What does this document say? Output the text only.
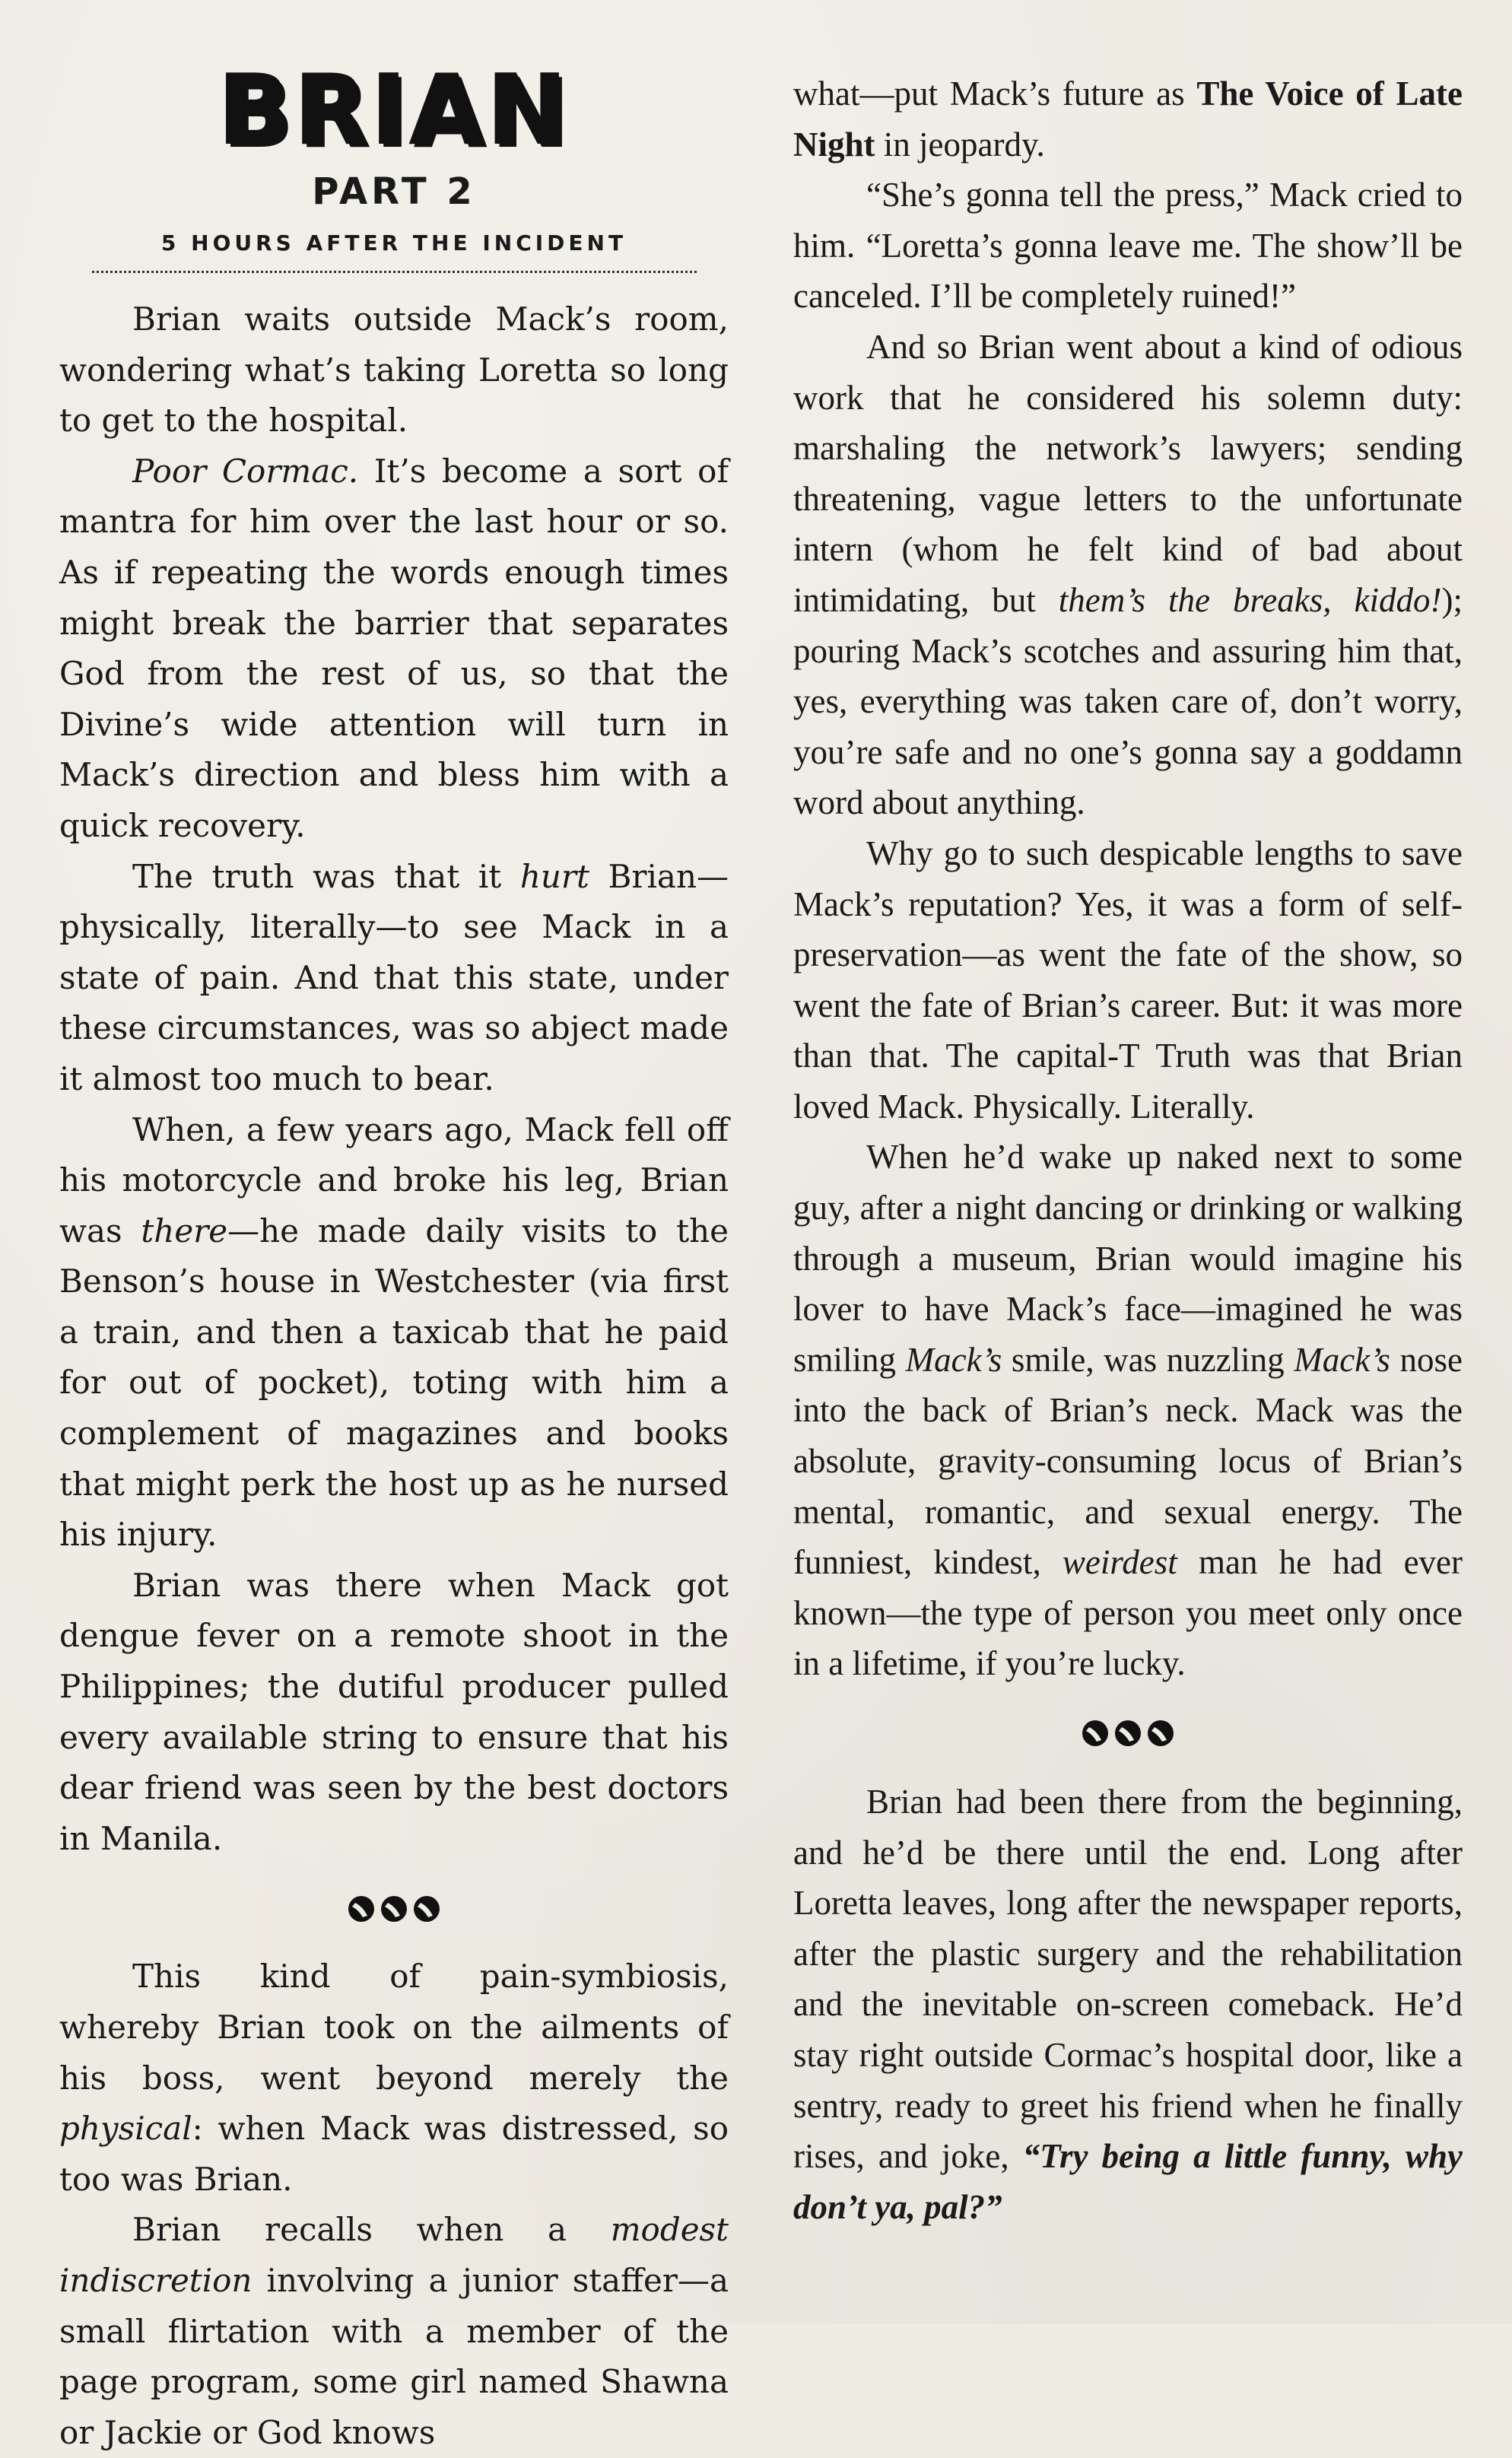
BRIAN
PART 2
5 HOURS AFTER THE INCIDENT

Brian waits outside Mack’s room, wondering what’s taking Loretta so long to get to the hospital.

Poor Cormac. It’s become a sort of mantra for him over the last hour or so. As if repeating the words enough times might break the barrier that separates God from the rest of us, so that the Divine’s wide attention will turn in Mack’s direction and bless him with a quick recovery.

The truth was that it hurt Brian—physically, literally—to see Mack in a state of pain. And that this state, under these circumstances, was so abject made it almost too much to bear.

When, a few years ago, Mack fell off his motorcycle and broke his leg, Brian was there—he made daily visits to the Benson’s house in Westchester (via first a train, and then a taxicab that he paid for out of pocket), toting with him a complement of magazines and books that might perk the host up as he nursed his injury.

Brian was there when Mack got dengue fever on a remote shoot in the Philippines; the dutiful producer pulled every available string to ensure that his dear friend was seen by the best doctors in Manila.

This kind of pain-symbiosis, whereby Brian took on the ailments of his boss, went beyond merely the physical: when Mack was distressed, so too was Brian.

Brian recalls when a modest indiscretion involving a junior staffer—a small flirtation with a member of the page program, some girl named Shawna or Jackie or God knows

what—put Mack’s future as The Voice of Late Night in jeopardy.

“She’s gonna tell the press,” Mack cried to him. “Loretta’s gonna leave me. The show’ll be canceled. I’ll be completely ruined!”

And so Brian went about a kind of odious work that he considered his solemn duty: marshaling the network’s lawyers; sending threatening, vague letters to the unfortunate intern (whom he felt kind of bad about intimidating, but them’s the breaks, kiddo!); pouring Mack’s scotches and assuring him that, yes, everything was taken care of, don’t worry, you’re safe and no one’s gonna say a goddamn word about anything.

Why go to such despicable lengths to save Mack’s reputation? Yes, it was a form of self-preservation—as went the fate of the show, so went the fate of Brian’s career. But: it was more than that. The capital-T Truth was that Brian loved Mack. Physically. Literally.

When he’d wake up naked next to some guy, after a night dancing or drinking or walking through a museum, Brian would imagine his lover to have Mack’s face—imagined he was smiling Mack’s smile, was nuzzling Mack’s nose into the back of Brian’s neck. Mack was the absolute, gravity-consuming locus of Brian’s mental, romantic, and sexual energy. The funniest, kindest, weirdest man he had ever known—the type of person you meet only once in a lifetime, if you’re lucky.

Brian had been there from the beginning, and he’d be there until the end. Long after Loretta leaves, long after the newspaper reports, after the plastic surgery and the rehabilitation and the inevitable on-screen comeback. He’d stay right outside Cormac’s hospital door, like a sentry, ready to greet his friend when he finally rises, and joke, “Try being a little funny, why don’t ya, pal?”
